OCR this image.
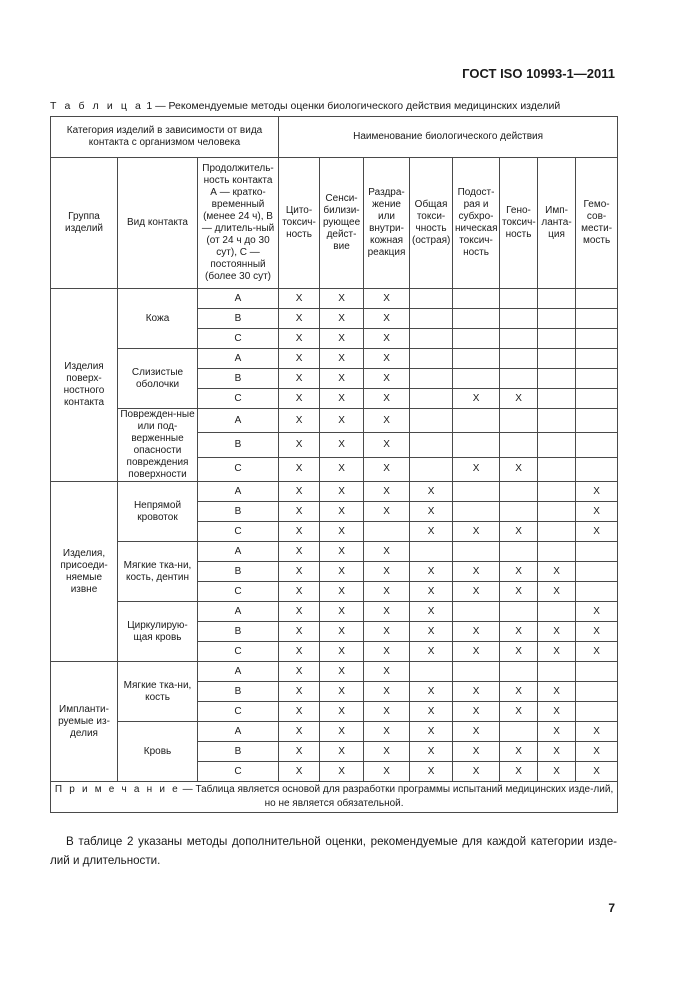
ГОСТ ISO 10993-1—2011
Т а б л и ц а 1 — Рекомендуемые методы оценки биологического действия медицинских изделий
Категория изделий в зависимости от вида контакта с организмом человека			Наименование биологического действия							
Группа изделий	Вид контакта	Продолжитель-ность контакта А — кратко-временный (менее 24 ч), В — длитель-ный (от 24 ч до 30 сут), С — постоянный (более 30 сут)	Цито-токсич-ность	Сенси-билизи-рующее дейст-вие	Раздра-жение или внутри-кожная реакция	Общая токси-чность (острая)	Подост-рая и субхро-ническая токсич-ность	Гено-токсич-ность	Имп-ланта-ция	Гемо-сов-мести-мость
Изделия поверх-ностного контакта	Кожа	А	X	X	X					
		В	X	X	X					
		С	X	X	X					
	Слизистые оболочки	А	X	X	X					
		В	X	X	X					
		С	X	X	X		X	X		
	Поврежден-ные или под-верженные опасности повреждения поверхности	А	X	X	X					
		В	X	X	X					
		С	X	X	X		X	X		
Изделия, присоеди-няемые извне	Непрямой кровоток	А	X	X	X	X				X
		В	X	X	X	X				X
		С	X	X		X	X	X		X
	Мягкие тка-ни, кость, дентин	А	X	X	X					
		В	X	X	X	X	X	X	X	
		С	X	X	X	X	X	X	X	
	Циркулирую-щая кровь	А	X	X	X	X				X
		В	X	X	X	X	X	X	X	X
		С	X	X	X	X	X	X	X	X
Импланти-руемые из-делия	Мягкие тка-ни, кость	А	X	X	X					
		В	X	X	X	X	X	X	X	
		С	X	X	X	X	X	X	X	
	Кровь	А	X	X	X	X	X		X	X
		В	X	X	X	X	X	X	X	X
		С	X	X	X	X	X	X	X	X
П р и м е ч а н и е — Таблица является основой для разработки программы испытаний медицинских изде-лий, но не является обязательной.										
В таблице 2 указаны методы дополнительной оценки, рекомендуемые для каждой категории изде-лий и длительности.
7
